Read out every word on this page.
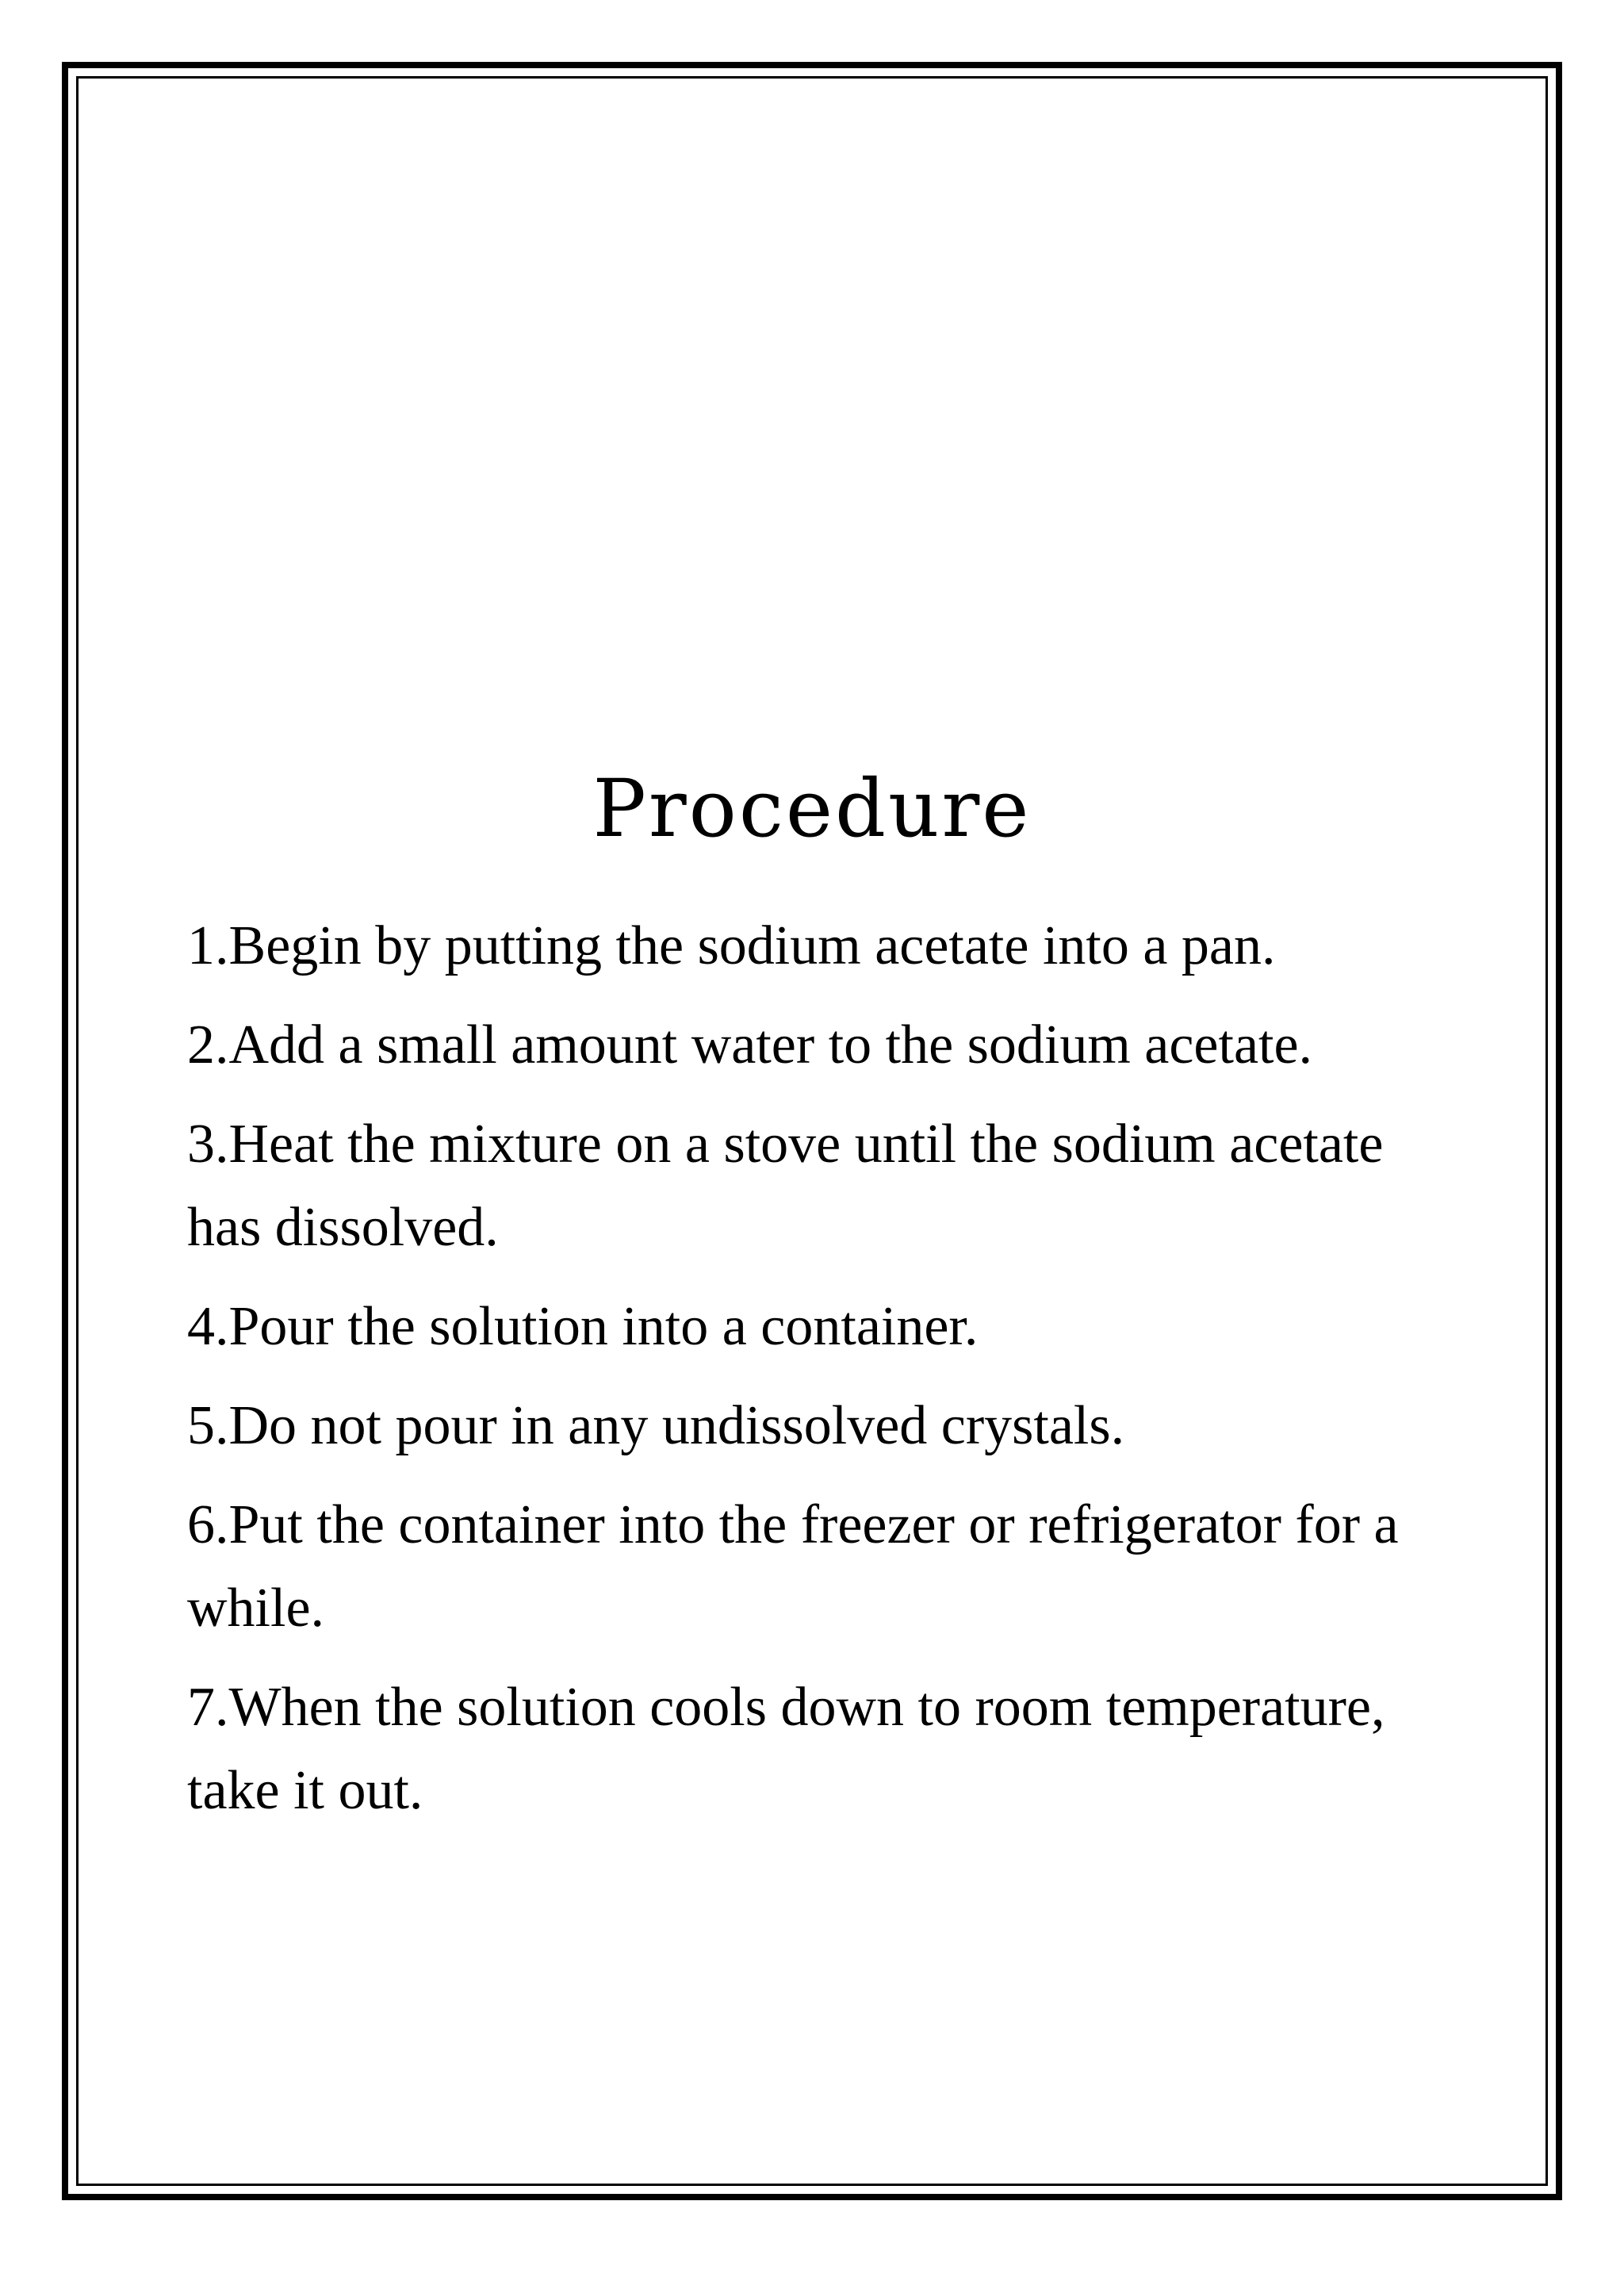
Procedure
1.Begin by putting the sodium acetate into a pan.
2.Add a small amount water to the sodium acetate.
3.Heat the mixture on a stove until the sodium acetate has dissolved.
4.Pour the solution into a container.
5.Do not pour in any undissolved crystals.
6.Put the container into the freezer or refrigerator for a while.
7.When the solution cools down to room temperature, take it out.
